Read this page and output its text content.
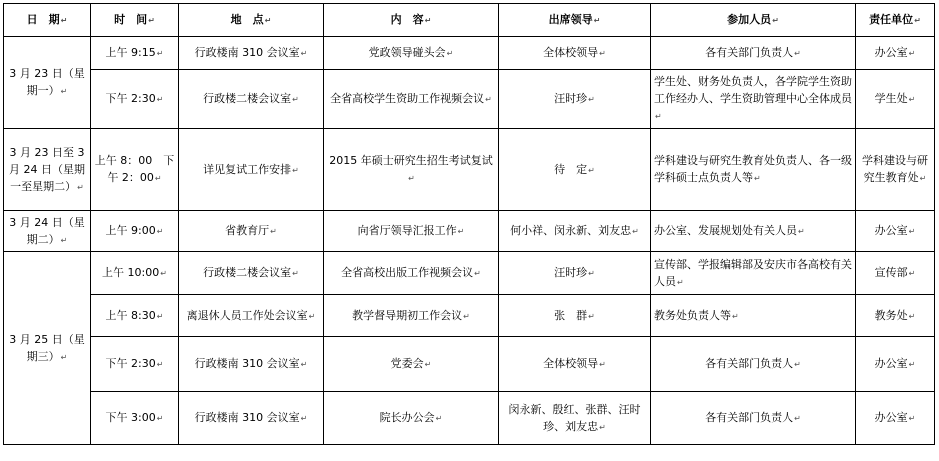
日　期↵	时　间↵	地　点↵	内　容↵	出席领导↵	参加人员↵	责任单位↵
3 月 23 日（星期一）↵	上午 9:15↵	行政楼南 310 会议室↵	党政领导碰头会↵	全体校领导↵	各有关部门负责人↵	办公室↵
	下午 2:30↵	行政楼二楼会议室↵	全省高校学生资助工作视频会议↵	汪时珍↵	学生处、财务处负责人，各学院学生资助工作经办人、学生资助管理中心全体成员↵	学生处↵
3 月 23 日至 3 月 24 日（星期一至星期二）↵	上午 8：00　下午 2：00↵	详见复试工作安排↵	2015 年硕士研究生招生考试复试↵	待　定↵	学科建设与研究生教育处负责人、各一级学科硕士点负责人等↵	学科建设与研究生教育处↵
3 月 24 日（星期二）↵	上午 9:00↵	省教育厅↵	向省厅领导汇报工作↵	何小祥、闵永新、刘友忠↵	办公室、发展规划处有关人员↵	办公室↵
3 月 25 日（星期三）↵	上午 10:00↵	行政楼二楼会议室↵	全省高校出版工作视频会议↵	汪时珍↵	宣传部、学报编辑部及安庆市各高校有关人员↵	宣传部↵
	上午 8:30↵	离退休人员工作处会议室↵	教学督导期初工作会议↵	张　群↵	教务处负责人等↵	教务处↵
	下午 2:30↵	行政楼南 310 会议室↵	党委会↵	全体校领导↵	各有关部门负责人↵	办公室↵
	下午 3:00↵	行政楼南 310 会议室↵	院长办公会↵	闵永新、殷红、张群、汪时珍、刘友忠↵	各有关部门负责人↵	办公室↵
